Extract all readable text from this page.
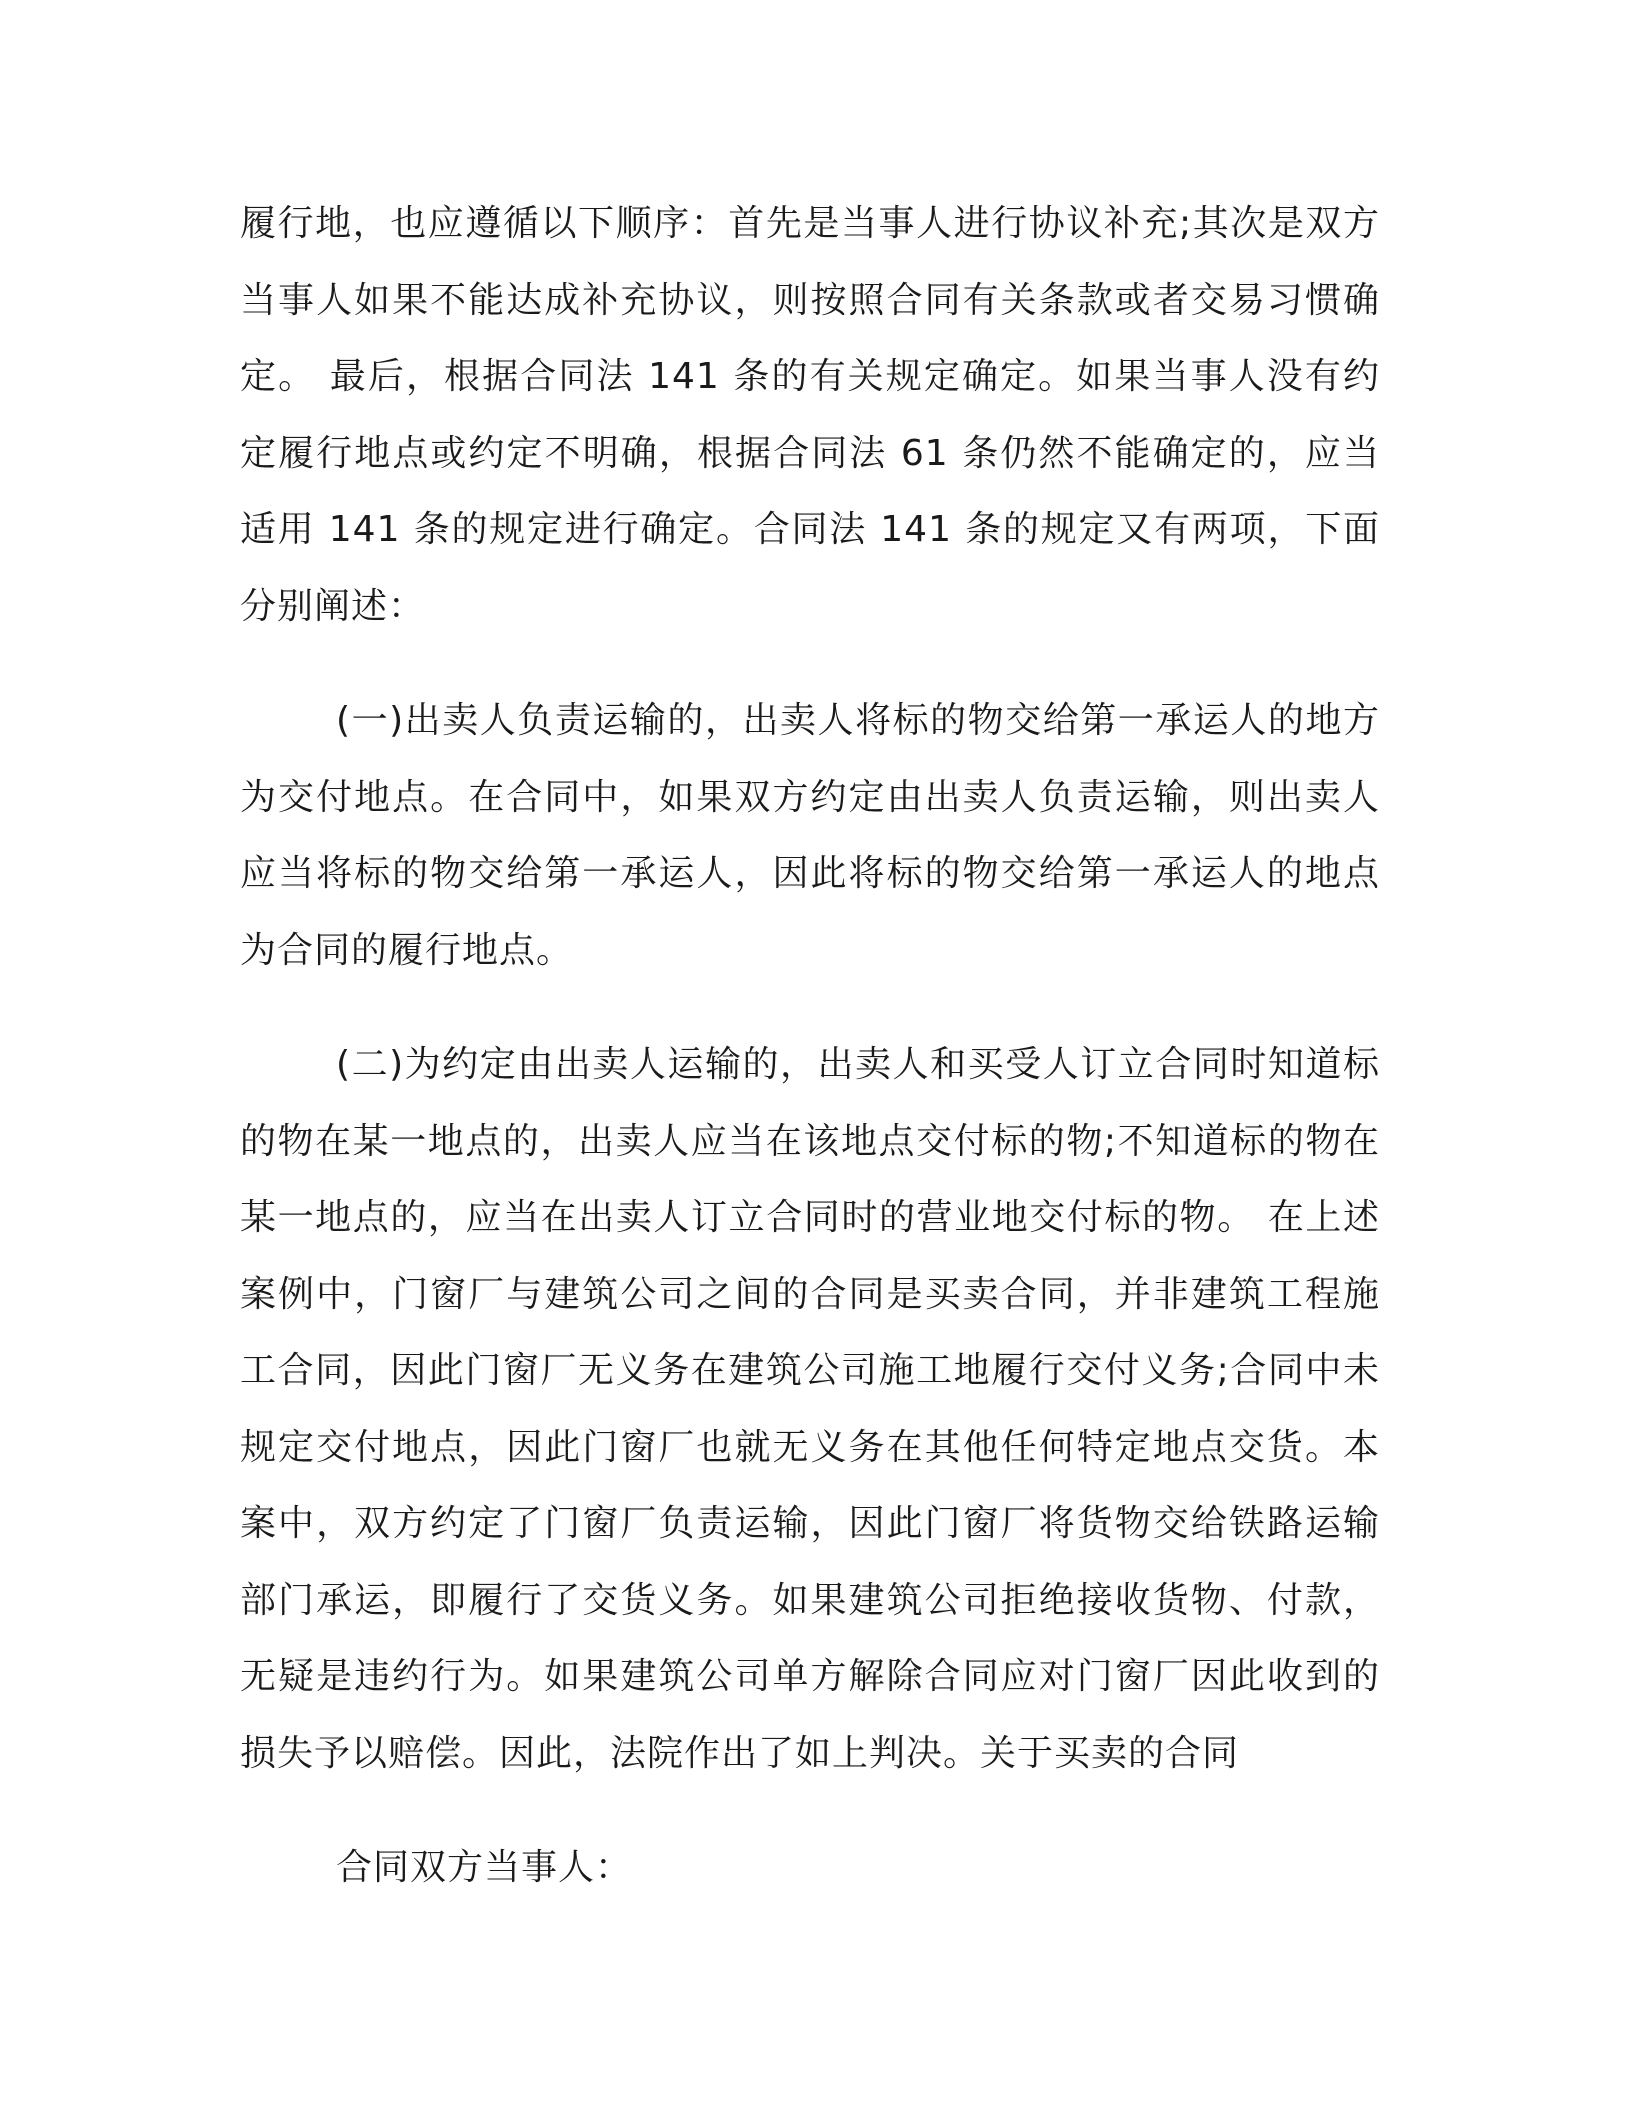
履行地，也应遵循以下顺序：首先是当事人进行协议补充;其次是双方当事人如果不能达成补充协议，则按照合同有关条款或者交易习惯确定。 最后，根据合同法 141 条的有关规定确定。如果当事人没有约定履行地点或约定不明确，根据合同法 61 条仍然不能确定的，应当适用 141 条的规定进行确定。合同法 141 条的规定又有两项，下面分别阐述：

(一)出卖人负责运输的，出卖人将标的物交给第一承运人的地方为交付地点。在合同中，如果双方约定由出卖人负责运输，则出卖人应当将标的物交给第一承运人，因此将标的物交给第一承运人的地点为合同的履行地点。

(二)为约定由出卖人运输的，出卖人和买受人订立合同时知道标的物在某一地点的，出卖人应当在该地点交付标的物;不知道标的物在某一地点的，应当在出卖人订立合同时的营业地交付标的物。 在上述案例中，门窗厂与建筑公司之间的合同是买卖合同，并非建筑工程施工合同，因此门窗厂无义务在建筑公司施工地履行交付义务;合同中未规定交付地点，因此门窗厂也就无义务在其他任何特定地点交货。本案中，双方约定了门窗厂负责运输，因此门窗厂将货物交给铁路运输部门承运，即履行了交货义务。如果建筑公司拒绝接收货物、付款，无疑是违约行为。如果建筑公司单方解除合同应对门窗厂因此收到的损失予以赔偿。因此，法院作出了如上判决。关于买卖的合同

合同双方当事人：
